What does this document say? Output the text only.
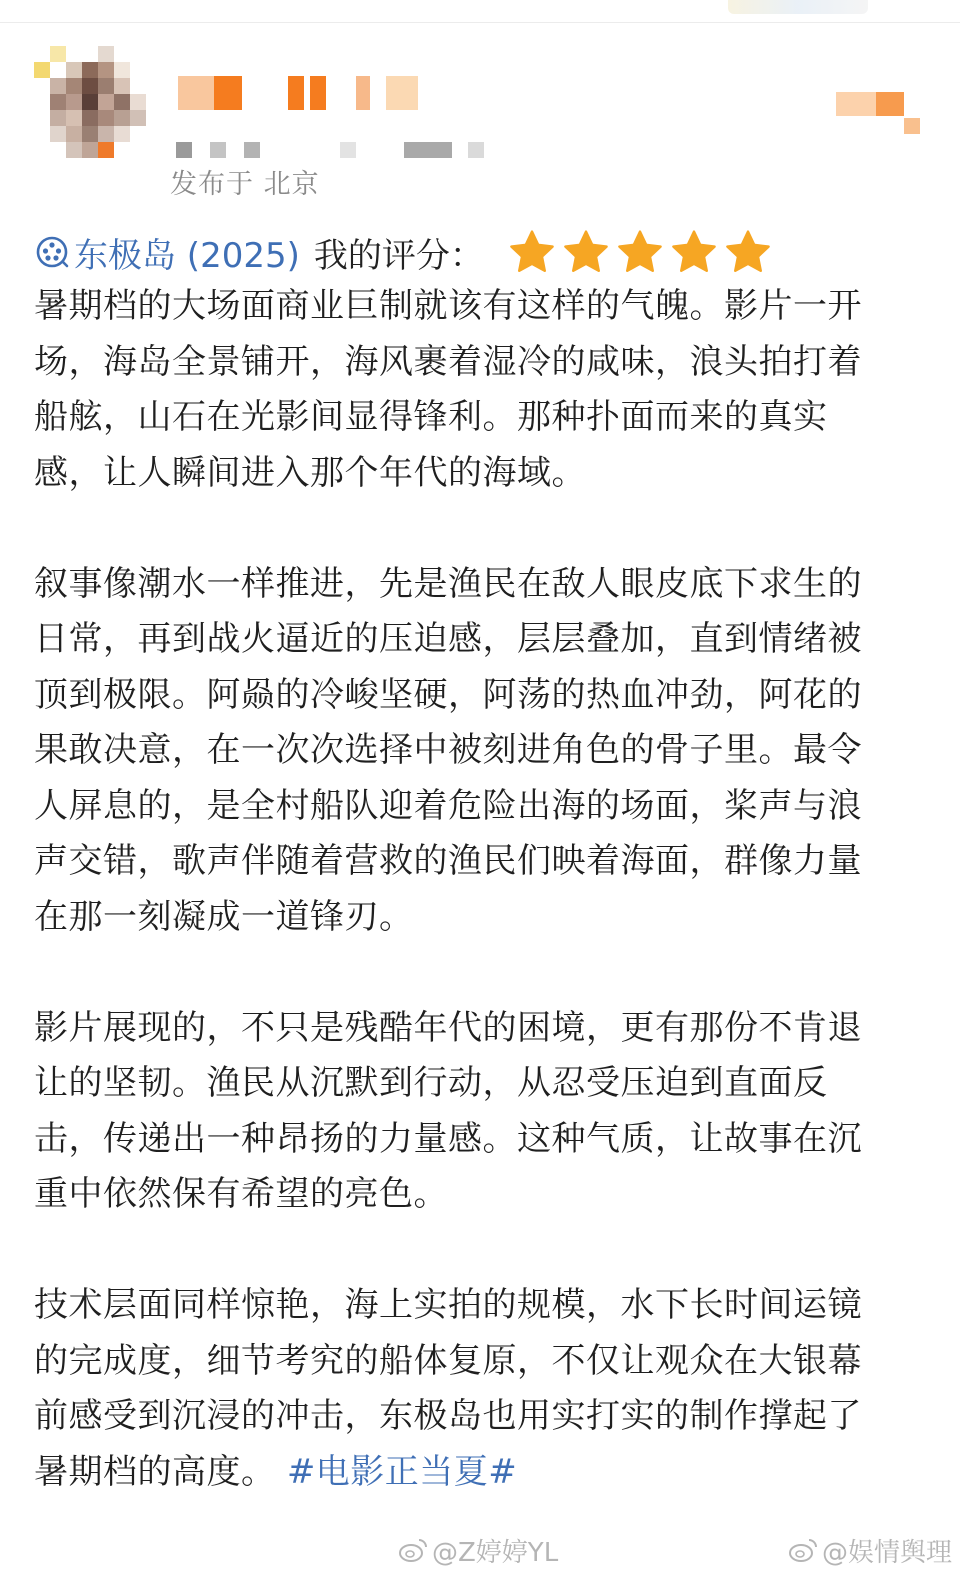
发布于 北京
东极岛 (2025) 我的评分：

暑期档的大场面商业巨制就该有这样的气魄。影片一开场，海岛全景铺开，海风裹着湿冷的咸味，浪头拍打着船舷，山石在光影间显得锋利。那种扑面而来的真实感，让人瞬间进入那个年代的海域。

叙事像潮水一样推进，先是渔民在敌人眼皮底下求生的日常，再到战火逼近的压迫感，层层叠加，直到情绪被顶到极限。阿赑的冷峻坚硬，阿荡的热血冲劲，阿花的果敢决意，在一次次选择中被刻进角色的骨子里。最令人屏息的，是全村船队迎着危险出海的场面，桨声与浪声交错，歌声伴随着营救的渔民们映着海面，群像力量在那一刻凝成一道锋刃。

影片展现的，不只是残酷年代的困境，更有那份不肯退让的坚韧。渔民从沉默到行动，从忍受压迫到直面反击，传递出一种昂扬的力量感。这种气质，让故事在沉重中依然保有希望的亮色。

技术层面同样惊艳，海上实拍的规模，水下长时间运镜的完成度，细节考究的船体复原，不仅让观众在大银幕前感受到沉浸的冲击，东极岛也用实打实的制作撑起了暑期档的高度。 #电影正当夏#

@Z婷婷YL	@娱情舆理
